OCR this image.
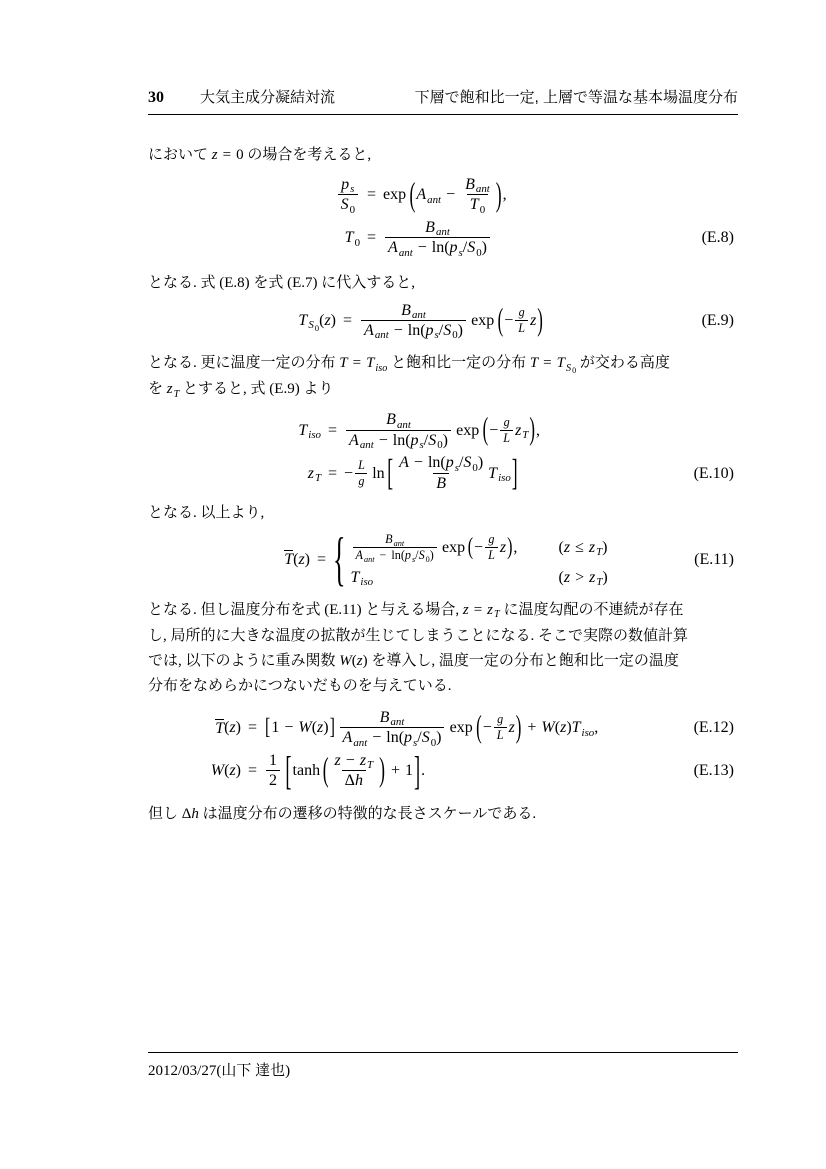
30 大気主成分凝結対流	下層で飽和比一定, 上層で等温な基本場温度分布
において z = 0 の場合を考えると,
$\frac{p_s}{S_0} = \exp$ ( $A_{ant}$ −
$B_{ant}$
$T_0$ ) ,
$T_0$ =
$B_{ant}$
$A_{ant} - \ln(p_s/S_0)$
(E.8)
となる. 式 (E.8) を式 (E.7) に代入すると,
$T_{S_0}$ ( z ) =
$B_{ant}$
$A_{ant} - \ln(p_s/S_0)$
exp ( − $\frac{g}{L}$ z )	(E.9)
となる. 更に温度一定の分布 $T = T_{iso}$ と飽和比一定の分布 $T = T_{S_0}$ が交わる高度
を $z_T$ とすると, 式 (E.9) より
$T_{iso}$ =
$B_{ant}$
$A_{ant} - \ln(p_s/S_0)$
exp ( − $\frac{g}{L} z_T$ ) ,
$z_T$ = − $\frac{L}{g}$ ln [ $\frac{A - \ln(p_s/S_0)}{B} T_{iso}$ ]	(E.10)
となる. 以上より,
T ( z ) = {	$B_{ant}$
$A_{ant} - \ln(p_s/S_0)$ exp ( − $\frac{g}{L}$ z ) ,	( $z \le z_T$ )
$T_{iso}$	( $z > z_T$ )
(E.11)
となる. 但し温度分布を式 (E.11) と与える場合, $z = z_T$ に温度勾配の不連続が存在
し, 局所的に大きな温度の拡散が生じてしまうことになる. そこで実際の数値計算
では, 以下のように重み関数 W(z) を導入し, 温度一定の分布と飽和比一定の温度
分布をなめらかにつないだものを与えている.
T ( z ) = [ 1 − W ( z ) ]	$B_{ant}$
$A_{ant} - \ln(p_s/S_0)$
exp ( − $\frac{g}{L}$ z ) + W ( z ) $T_{iso}$ ,	(E.12)
W ( z ) = $\frac{1}{2}$ [ tanh ( $\frac{z - z_T}{\Delta h}$ ) + 1 ] .	(E.13)
但し Δh は温度分布の遷移の特徴的な長さスケールである.
2012/03/27(山下 達也)
